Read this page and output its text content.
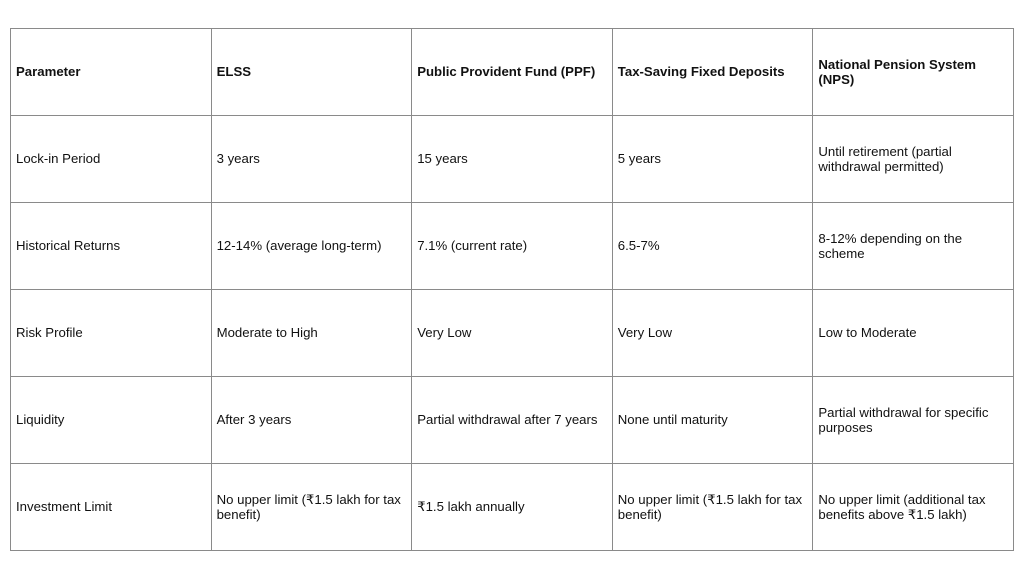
Parameter	ELSS	Public Provident Fund (PPF)	Tax-Saving Fixed Deposits	National Pension System (NPS)
Lock-in Period	3 years	15 years	5 years	Until retirement (partial withdrawal permitted)
Historical Returns	12-14% (average long-term)	7.1% (current rate)	6.5-7%	8-12% depending on the scheme
Risk Profile	Moderate to High	Very Low	Very Low	Low to Moderate
Liquidity	After 3 years	Partial withdrawal after 7 years	None until maturity	Partial withdrawal for specific purposes
Investment Limit	No upper limit (₹1.5 lakh for tax benefit)	₹1.5 lakh annually	No upper limit (₹1.5 lakh for tax benefit)	No upper limit (additional tax benefits above ₹1.5 lakh)
